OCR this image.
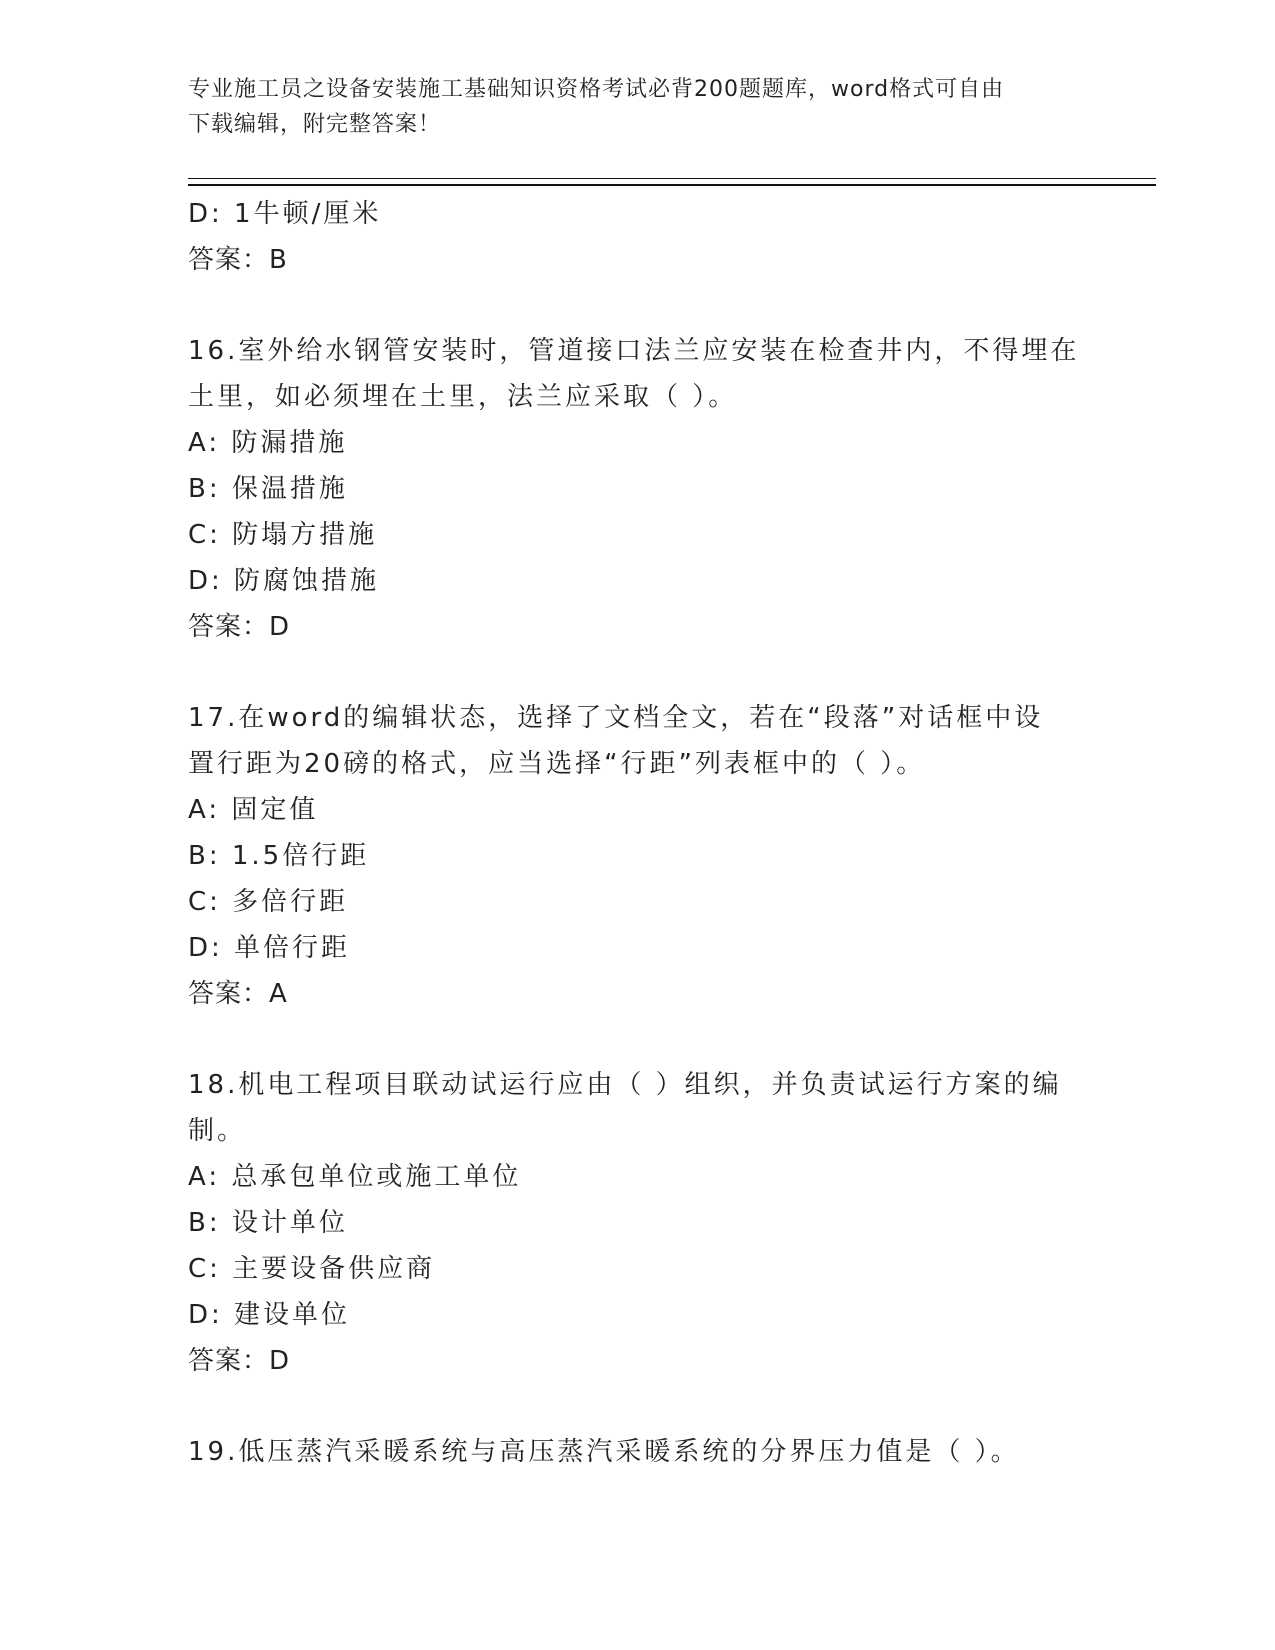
专业施工员之设备安装施工基础知识资格考试必背200题题库，word格式可自由
下载编辑，附完整答案！
D: 1牛顿/厘米
答案：B
16.室外给水钢管安装时，管道接口法兰应安装在检查井内，不得埋在
土里，如必须埋在土里，法兰应采取（ ）。
A: 防漏措施
B: 保温措施
C: 防塌方措施
D: 防腐蚀措施
答案：D
17.在word的编辑状态，选择了文档全文，若在“段落”对话框中设
置行距为20磅的格式，应当选择“行距”列表框中的（ ）。
A: 固定值
B: 1.5倍行距
C: 多倍行距
D: 单倍行距
答案：A
18.机电工程项目联动试运行应由（ ）组织，并负责试运行方案的编
制。
A: 总承包单位或施工单位
B: 设计单位
C: 主要设备供应商
D: 建设单位
答案：D
19.低压蒸汽采暖系统与高压蒸汽采暖系统的分界压力值是（ ）。
